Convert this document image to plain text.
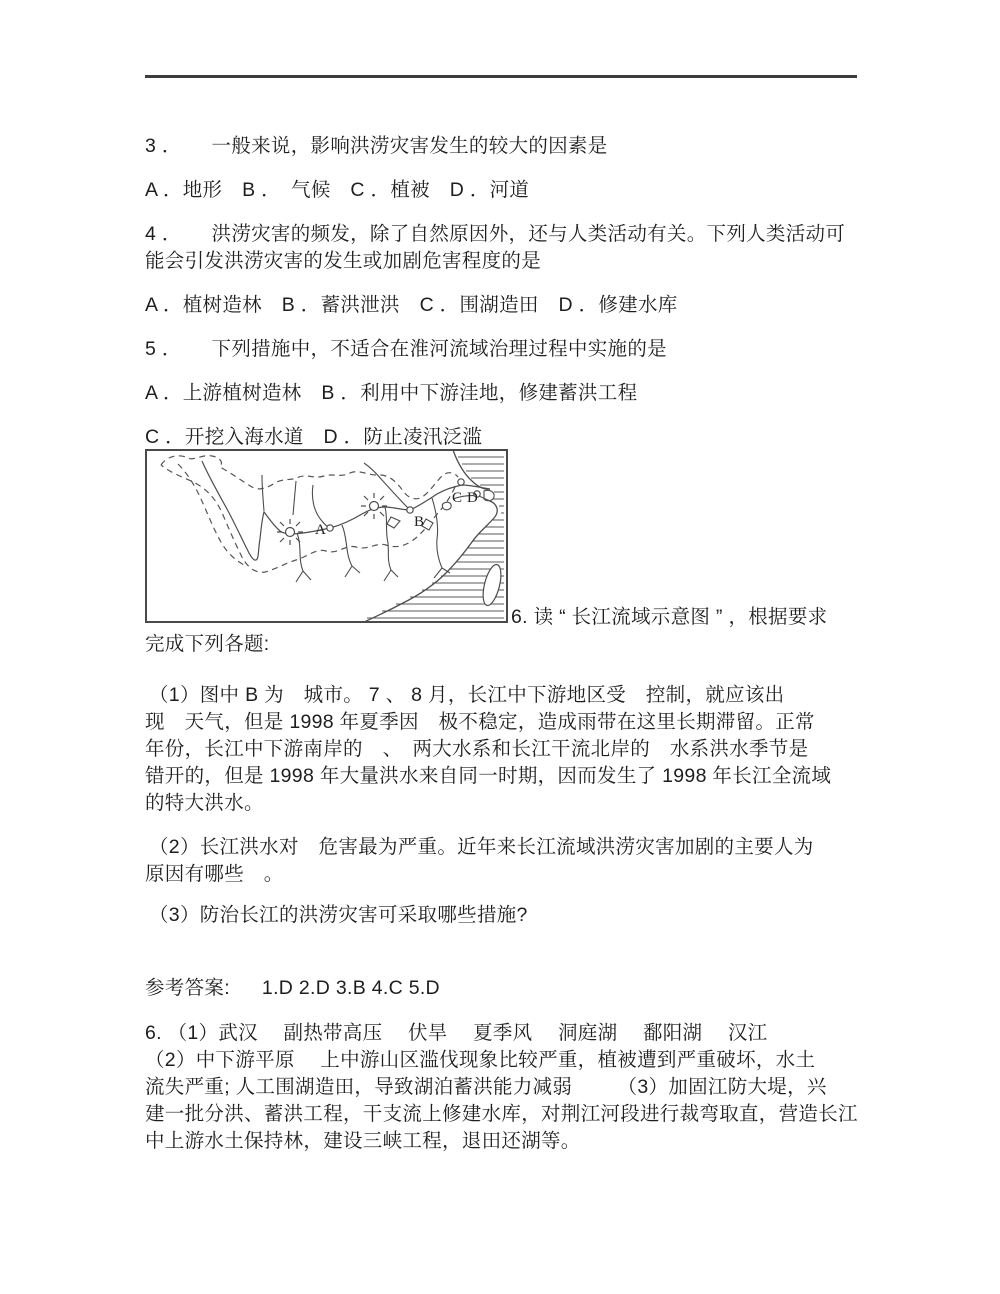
3 ．　　一般来说，影响洪涝灾害发生的较大的因素是
A ．地形　B ．　气候　C ．植被　D ．河道
4 ．　　洪涝灾害的频发，除了自然原因外，还与人类活动有关。下列人类活动可
能会引发洪涝灾害的发生或加剧危害程度的是
A ．植树造林　B ．蓄洪泄洪　C ．围湖造田　D ．修建水库
5 ．　　下列措施中，不适合在淮河流域治理过程中实施的是
A ．上游植树造林　B ．利用中下游洼地，修建蓄洪工程
C ．开挖入海水道　D ．防止凌汛泛滥
A	B
C D
6. 读 “ 长江流域示意图 ” ，根据要求
完成下列各题:
（1）图中 B 为　城市。 7 、 8 月，长江中下游地区受　控制，就应该出
现　天气，但是 1998 年夏季因　极不稳定，造成雨带在这里长期滞留。正常
年份，长江中下游南岸的　、　两大水系和长江干流北岸的　水系洪水季节是
错开的，但是 1998 年大量洪水来自同一时期，因而发生了 1998 年长江全流域
的特大洪水。
（2）长江洪水对　危害最为严重。近年来长江流域洪涝灾害加剧的主要人为
原因有哪些　。
（3）防治长江的洪涝灾害可采取哪些措施?
参考答案: 1.D 2.D 3.B 4.C 5.D
6. （1）武汉　 副热带高压　 伏旱　 夏季风　 洞庭湖　 鄱阳湖　 汉江
（2）中下游平原　 上中游山区滥伐现象比较严重，植被遭到严重破坏，水土
流失严重; 人工围湖造田，导致湖泊蓄洪能力减弱　　 （3）加固江防大堤，兴
建一批分洪、蓄洪工程，干支流上修建水库，对荆江河段进行裁弯取直，营造长江
中上游水土保持林，建设三峡工程，退田还湖等。
